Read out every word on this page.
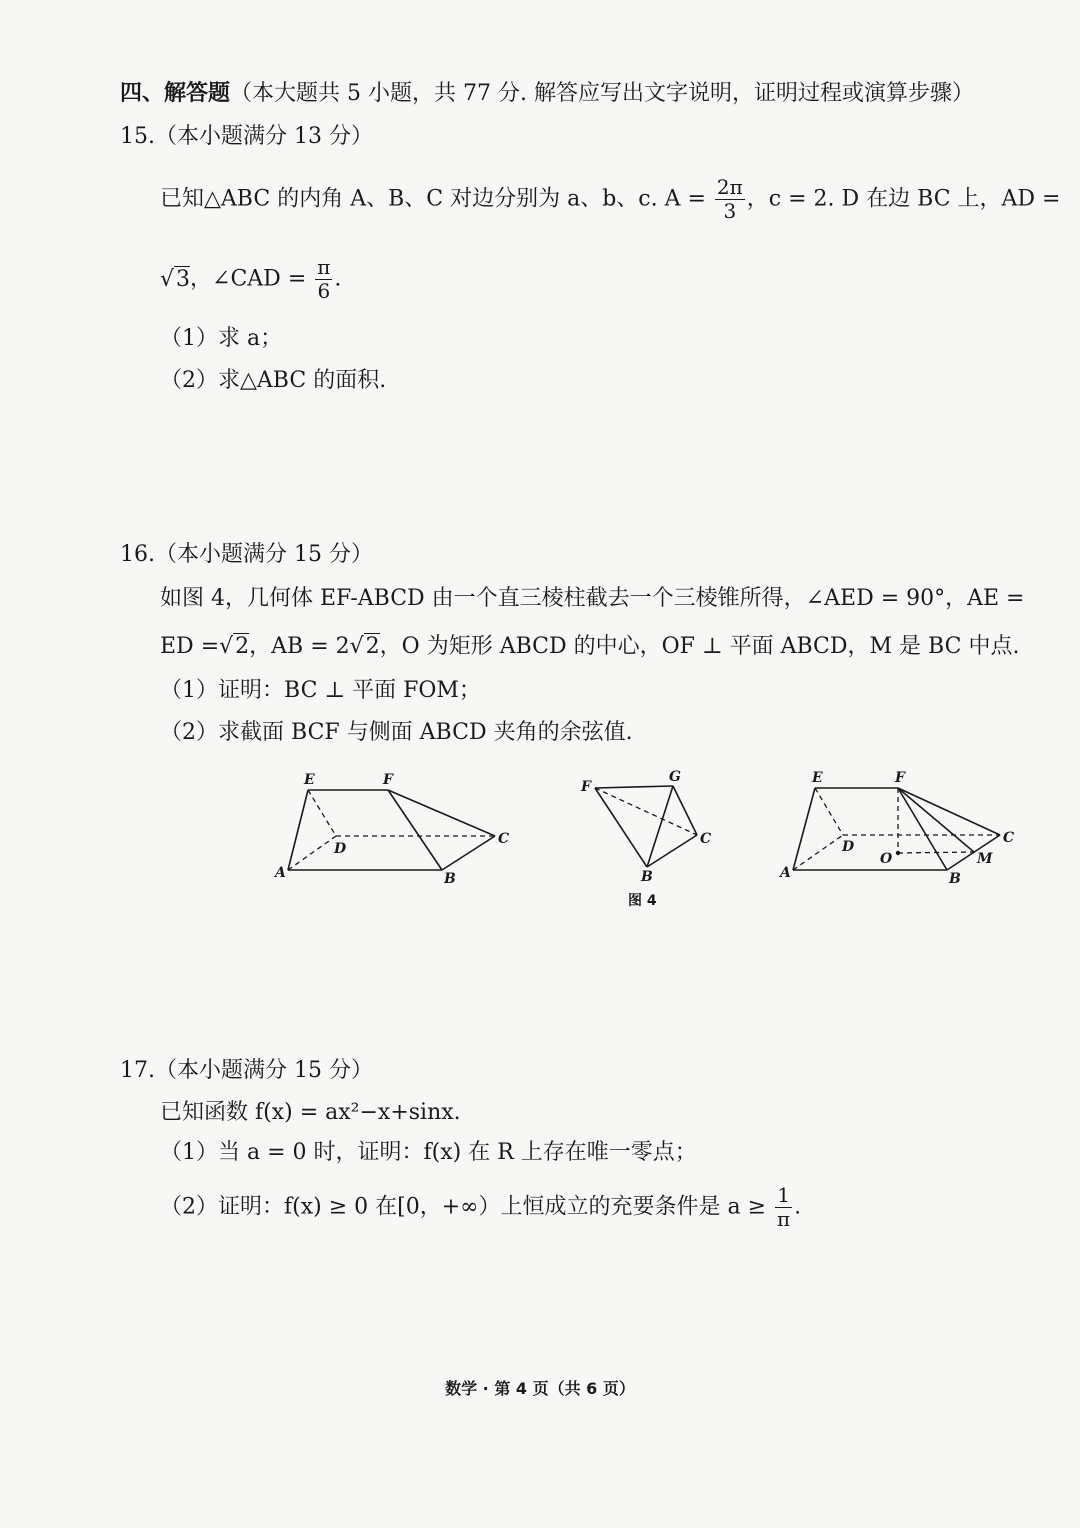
四、解答题（本大题共 5 小题，共 77 分. 解答应写出文字说明，证明过程或演算步骤）
15.（本小题满分 13 分）
已知△ABC 的内角 A、B、C 对边分别为 a、b、c. $A = \frac{2\pi}{3}$ ，c = 2. D 在边 BC 上，AD =
√3，∠CAD = $\frac{\pi}{6}$ .
（1）求 a；
（2）求△ABC 的面积.
16.（本小题满分 15 分）
如图 4，几何体 EF-ABCD 由一个直三棱柱截去一个三棱锥所得，∠AED = 90°，AE =
ED =√2，AB = 2√2，O 为矩形 ABCD 的中心，OF ⊥ 平面 ABCD，M 是 BC 中点.
（1）证明：BC ⊥ 平面 FOM；
（2）求截面 BCF 与侧面 ABCD 夹角的余弦值.
E	F
D
C
A	B
F
G
C
B
E	F
D
C
O	M
A	B
图 4
17.（本小题满分 15 分）
已知函数 f(x) = ax²−x+sinx.
（1）当 a = 0 时，证明：f(x) 在 R 上存在唯一零点；
（2）证明：f(x) ≥ 0 在[0，+∞）上恒成立的充要条件是 $a \ge \frac{1}{\pi}$ .
数学 · 第 4 页（共 6 页）
